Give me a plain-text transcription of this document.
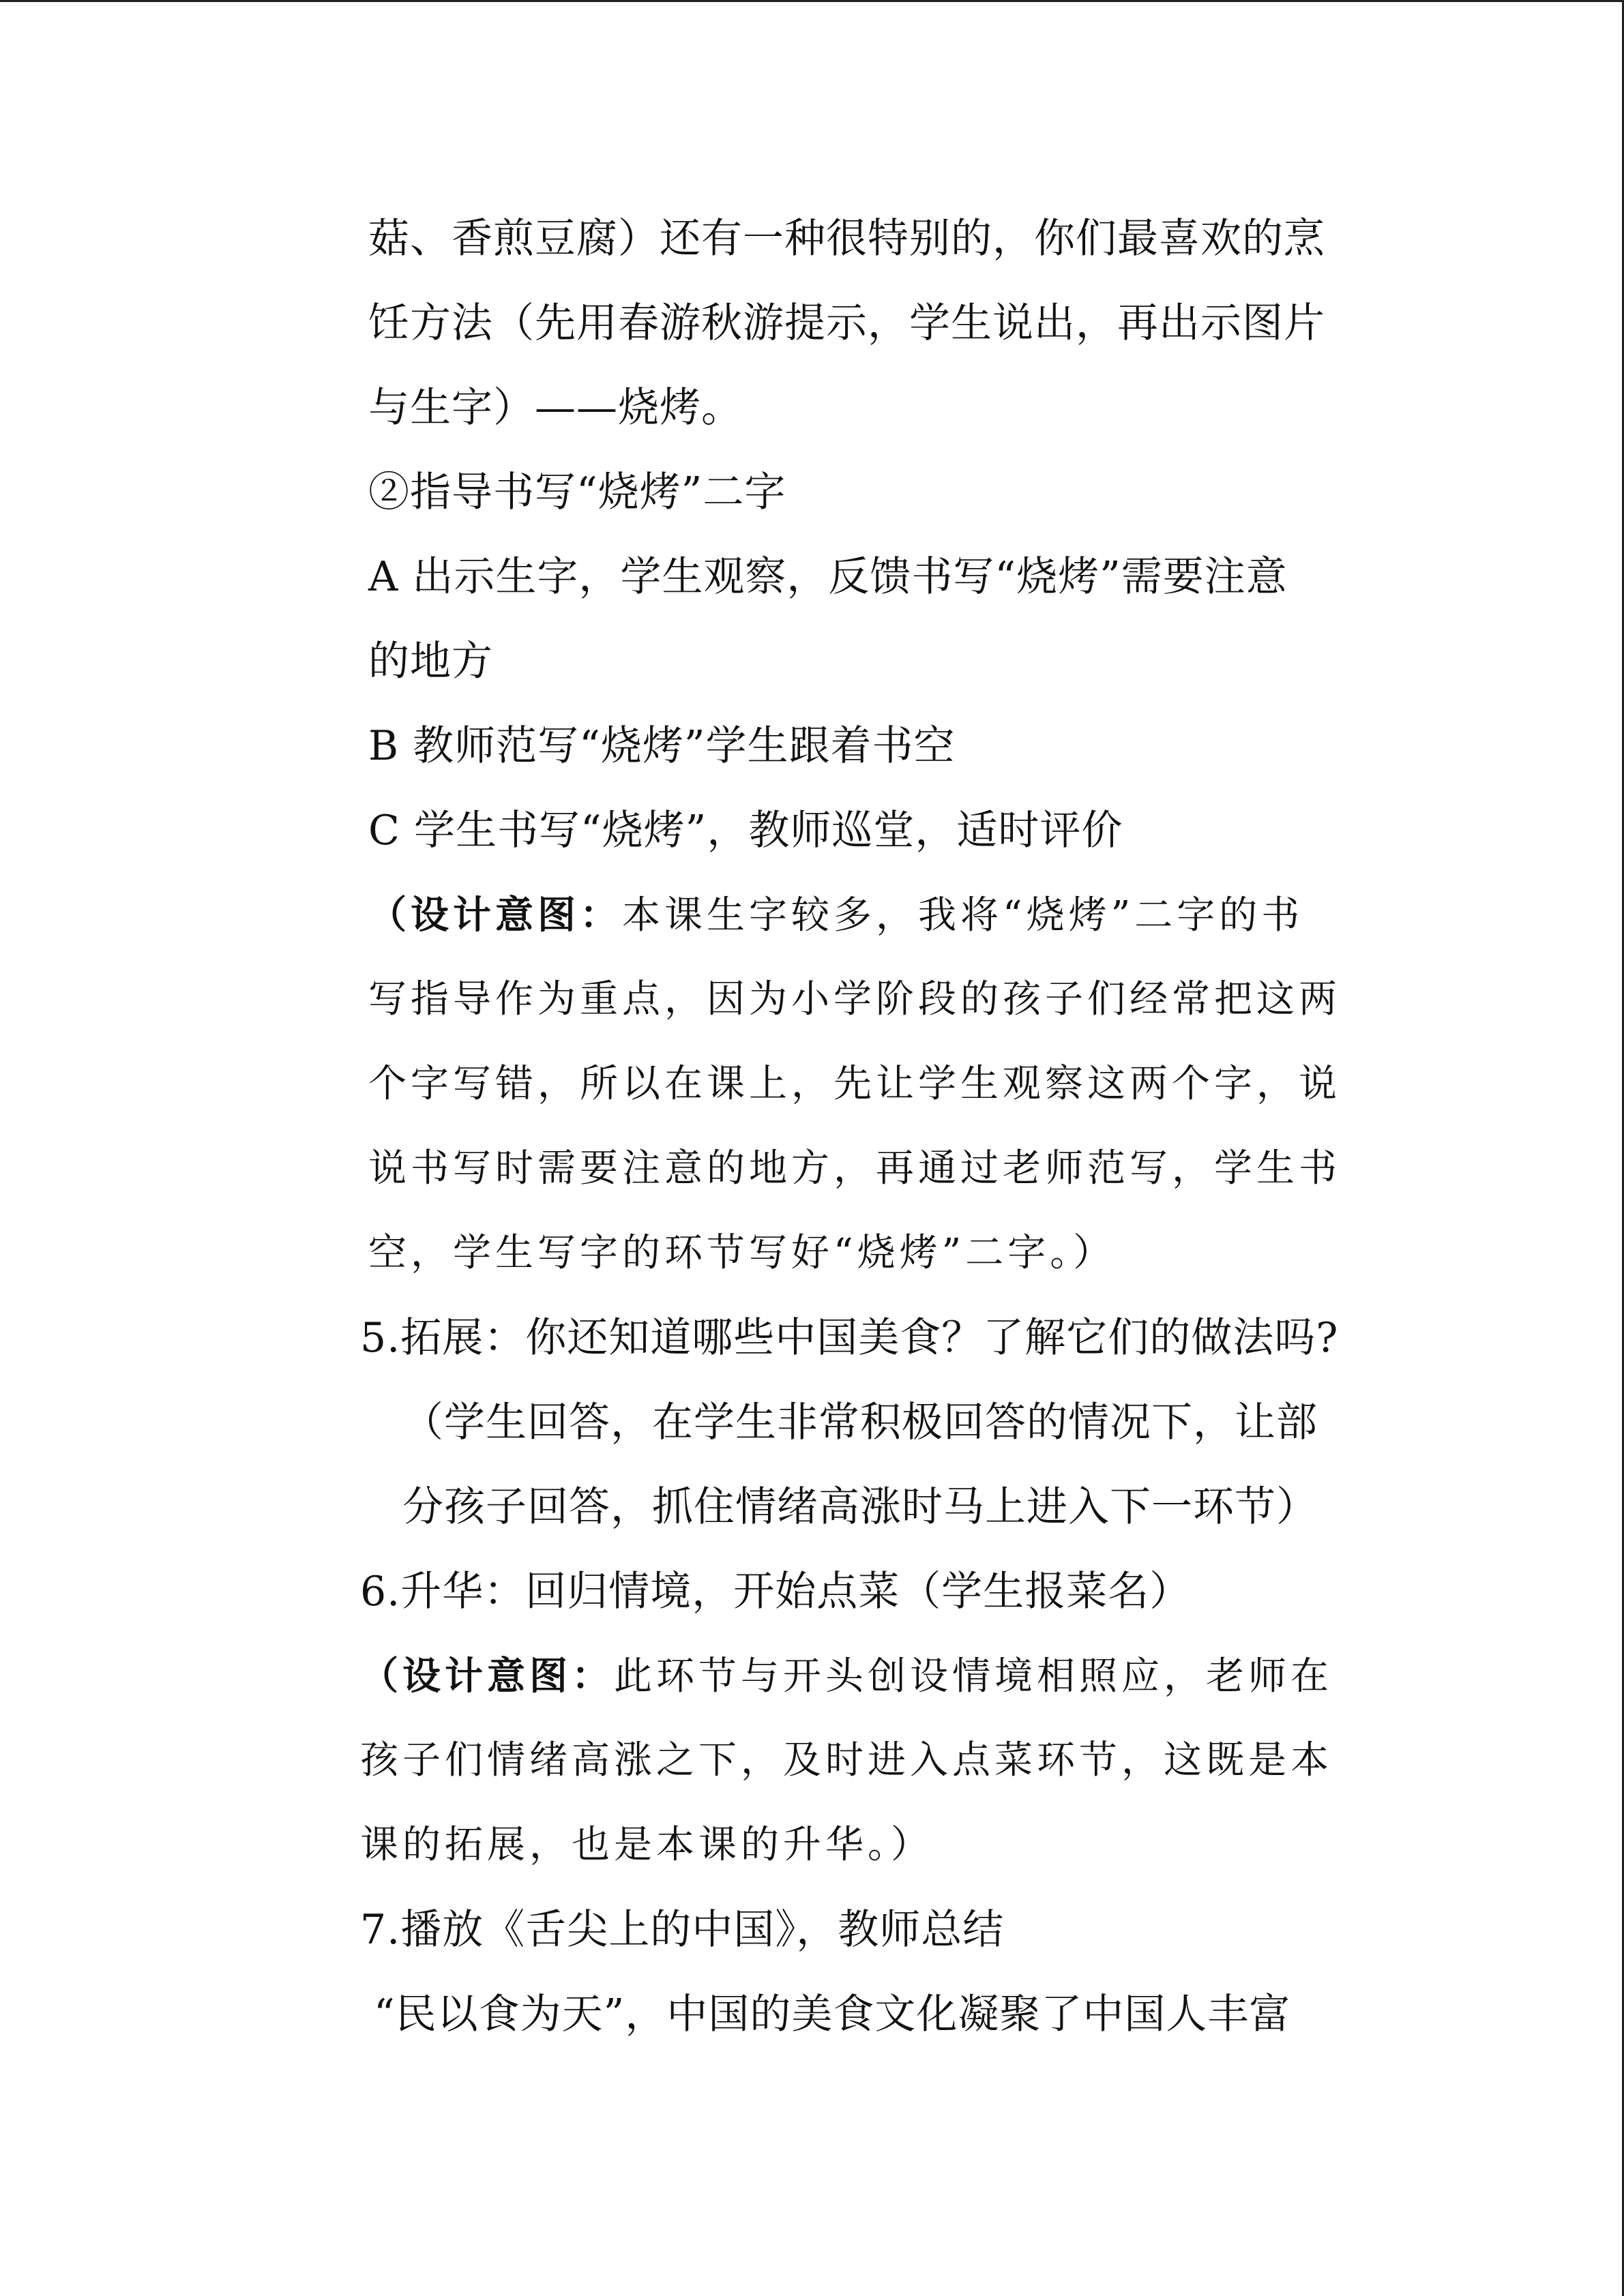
菇、香煎豆腐）还有一种很特别的，你们最喜欢的烹
饪方法（先用春游秋游提示，学生说出，再出示图片
与生字）——烧烤。
②指导书写“烧烤”二字
A 出示生字，学生观察，反馈书写“烧烤”需要注意
的地方
B 教师范写“烧烤”学生跟着书空
C 学生书写“烧烤”，教师巡堂，适时评价
（设计意图：本课生字较多，我将“烧烤”二字的书
写指导作为重点，因为小学阶段的孩子们经常把这两
个字写错，所以在课上，先让学生观察这两个字，说
说书写时需要注意的地方，再通过老师范写，学生书
空，学生写字的环节写好“烧烤”二字。）
5.拓展：你还知道哪些中国美食？了解它们的做法吗?
（学生回答，在学生非常积极回答的情况下，让部
分孩子回答，抓住情绪高涨时马上进入下一环节）
6.升华：回归情境，开始点菜（学生报菜名）
（设计意图：此环节与开头创设情境相照应，老师在
孩子们情绪高涨之下，及时进入点菜环节，这既是本
课的拓展，也是本课的升华。）
7.播放《舌尖上的中国》，教师总结
“民以食为天”，中国的美食文化凝聚了中国人丰富
